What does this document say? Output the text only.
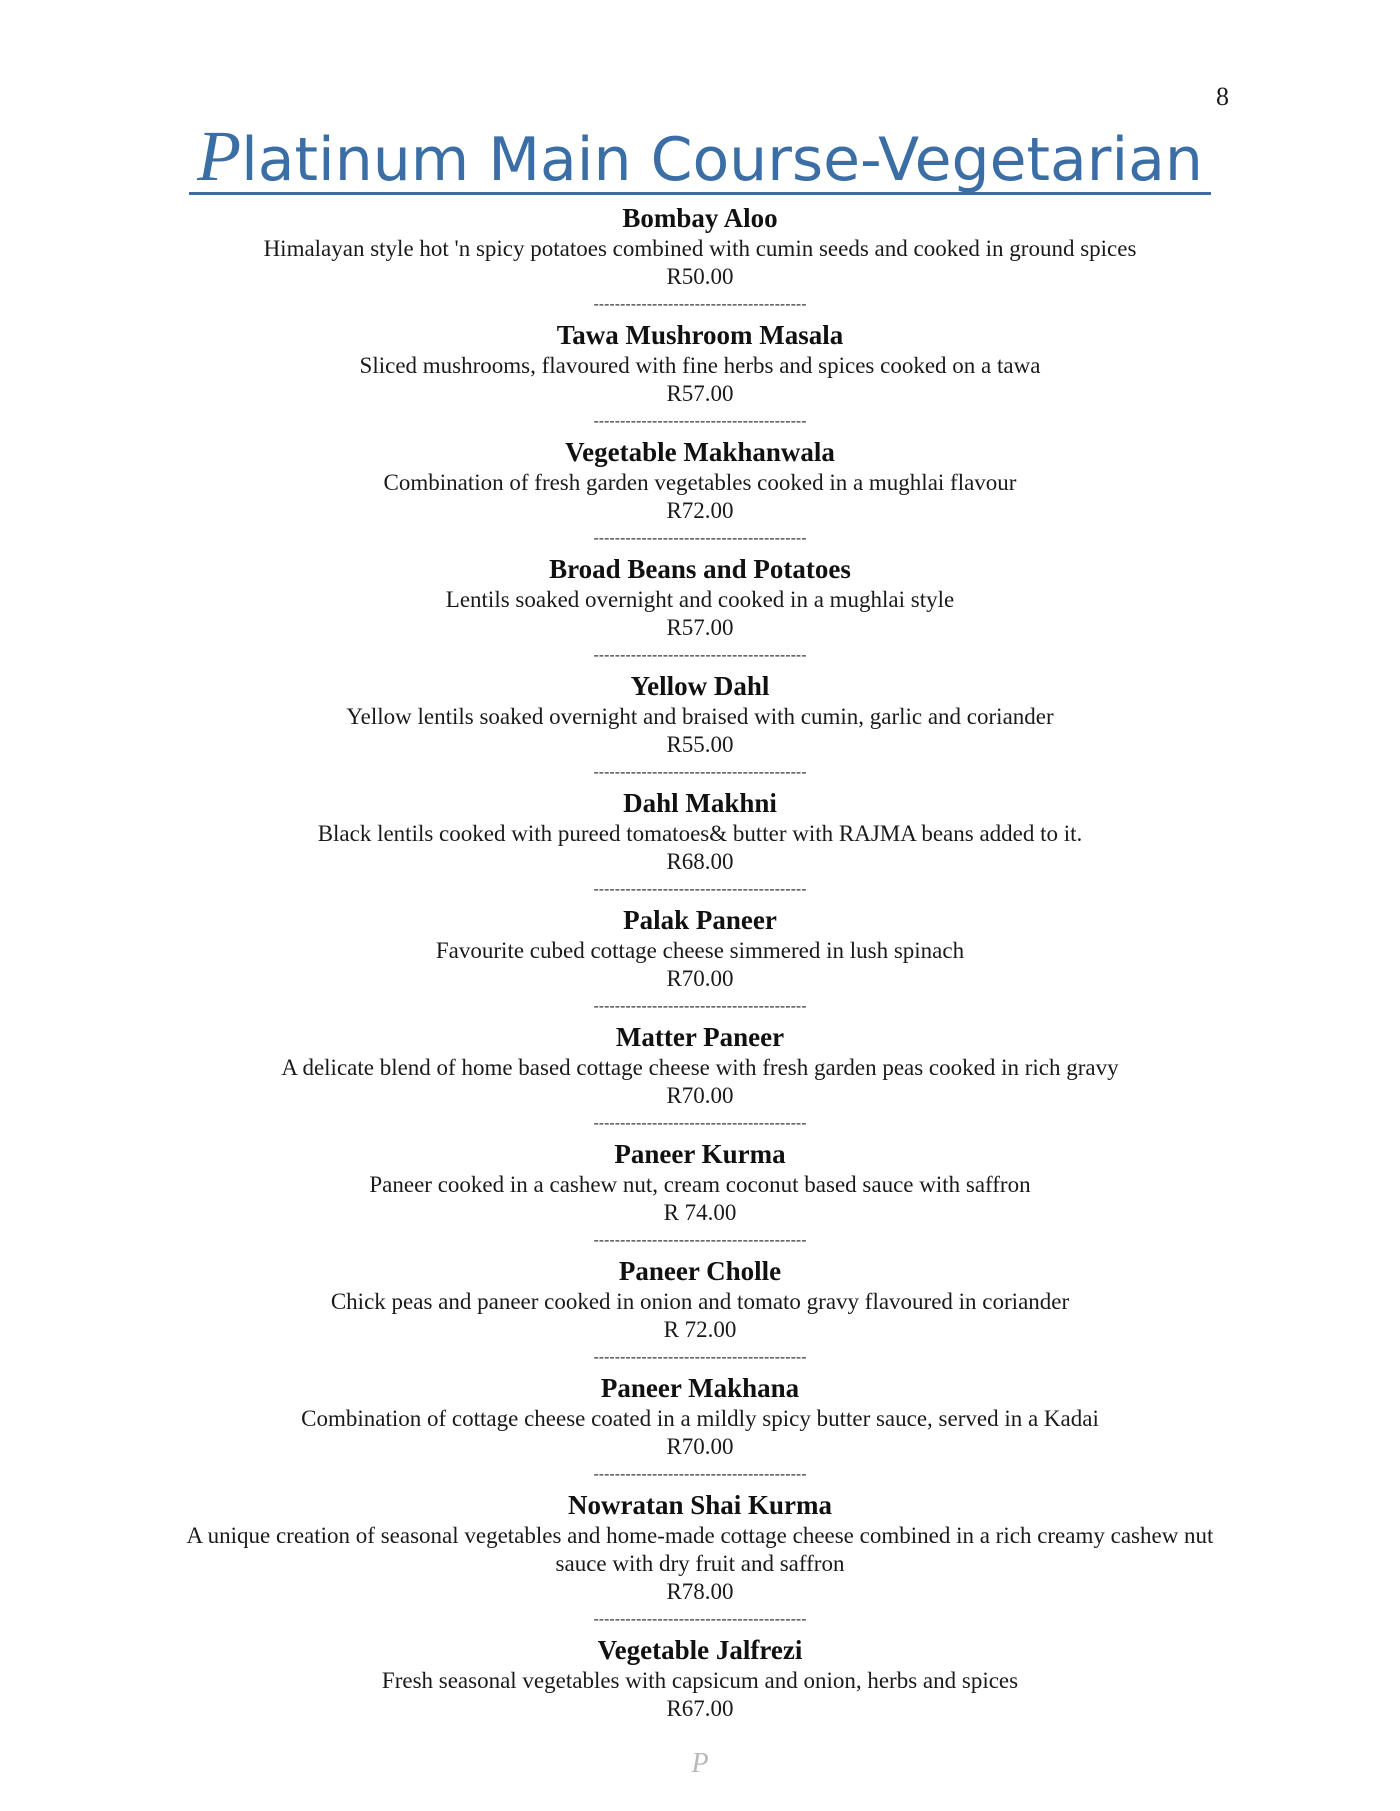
8
Platinum Main Course-Vegetarian
Bombay Aloo
Himalayan style hot 'n spicy potatoes combined with cumin seeds and cooked in ground spices
R50.00
----------------------------------------
Tawa Mushroom Masala
Sliced mushrooms, flavoured with fine herbs and spices cooked on a tawa
R57.00
----------------------------------------
Vegetable Makhanwala
Combination of fresh garden vegetables cooked in a mughlai flavour
R72.00
----------------------------------------
Broad Beans and Potatoes
Lentils soaked overnight and cooked in a mughlai style
R57.00
----------------------------------------
Yellow Dahl
Yellow lentils soaked overnight and braised with cumin, garlic and coriander
R55.00
----------------------------------------
Dahl Makhni
Black lentils cooked with pureed tomatoes& butter with RAJMA beans added to it.
R68.00
----------------------------------------
Palak Paneer
Favourite cubed cottage cheese simmered in lush spinach
R70.00
----------------------------------------
Matter Paneer
A delicate blend of home based cottage cheese with fresh garden peas cooked in rich gravy
R70.00
----------------------------------------
Paneer Kurma
Paneer cooked in a cashew nut, cream coconut based sauce with saffron
R 74.00
----------------------------------------
Paneer Cholle
Chick peas and paneer cooked in onion and tomato gravy flavoured in coriander
R 72.00
----------------------------------------
Paneer Makhana
Combination of cottage cheese coated in a mildly spicy butter sauce, served in a Kadai
R70.00
----------------------------------------
Nowratan Shai Kurma
A unique creation of seasonal vegetables and home-made cottage cheese combined in a rich creamy cashew nut sauce with dry fruit and saffron
R78.00
----------------------------------------
Vegetable Jalfrezi
Fresh seasonal vegetables with capsicum and onion, herbs and spices
R67.00
P
